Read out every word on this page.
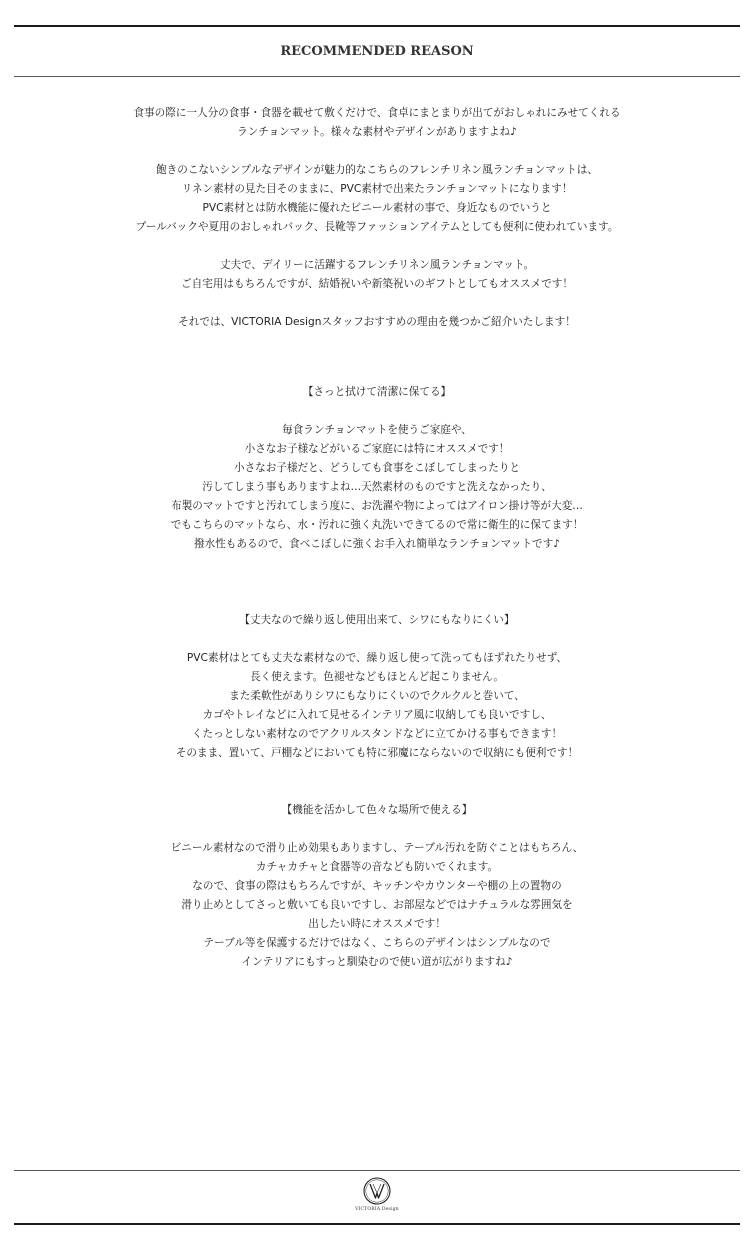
RECOMMENDED REASON

食事の際に一人分の食事・食器を載せて敷くだけで、食卓にまとまりが出てがおしゃれにみせてくれる
ランチョンマット。様々な素材やデザインがありますよね♪

飽きのこないシンプルなデザインが魅力的なこちらのフレンチリネン風ランチョンマットは、
リネン素材の見た目そのままに、PVC素材で出来たランチョンマットになります！
PVC素材とは防水機能に優れたビニール素材の事で、身近なものでいうと
プールバックや夏用のおしゃれバック、長靴等ファッションアイテムとしても便利に使われています。

丈夫で、デイリーに活躍するフレンチリネン風ランチョンマット。
ご自宅用はもちろんですが、結婚祝いや新築祝いのギフトとしてもオススメです！

それでは、VICTORIA Designスタッフおすすめの理由を幾つかご紹介いたします！

【さっと拭けて清潔に保てる】

毎食ランチョンマットを使うご家庭や、
小さなお子様などがいるご家庭には特にオススメです！
小さなお子様だと、どうしても食事をこぼしてしまったりと
汚してしまう事もありますよね…天然素材のものですと洗えなかったり、
布製のマットですと汚れてしまう度に、お洗濯や物によってはアイロン掛け等が大変…
でもこちらのマットなら、水・汚れに強く丸洗いできてるので常に衛生的に保てます！
撥水性もあるので、食べこぼしに強くお手入れ簡単なランチョンマットです♪

【丈夫なので繰り返し使用出来て、シワにもなりにくい】

PVC素材はとても丈夫な素材なので、繰り返し使って洗ってもほずれたりせず、
長く使えます。色褪せなどもほとんど起こりません。
また柔軟性がありシワにもなりにくいのでクルクルと巻いて、
カゴやトレイなどに入れて見せるインテリア風に収納しても良いですし、
くたっとしない素材なのでアクリルスタンドなどに立てかける事もできます！
そのまま、置いて、戸棚などにおいても特に邪魔にならないので収納にも便利です！

【機能を活かして色々な場所で使える】

ビニール素材なので滑り止め効果もありますし、テーブル汚れを防ぐことはもちろん、
カチャカチャと食器等の音なども防いでくれます。
なので、食事の際はもちろんですが、キッチンやカウンターや棚の上の置物の
滑り止めとしてさっと敷いても良いですし、お部屋などではナチュラルな雰囲気を
出したい時にオススメです！
テーブル等を保護するだけではなく、こちらのデザインはシンプルなので
インテリアにもすっと馴染むので使い道が広がりますね♪

VICTORIA Design
